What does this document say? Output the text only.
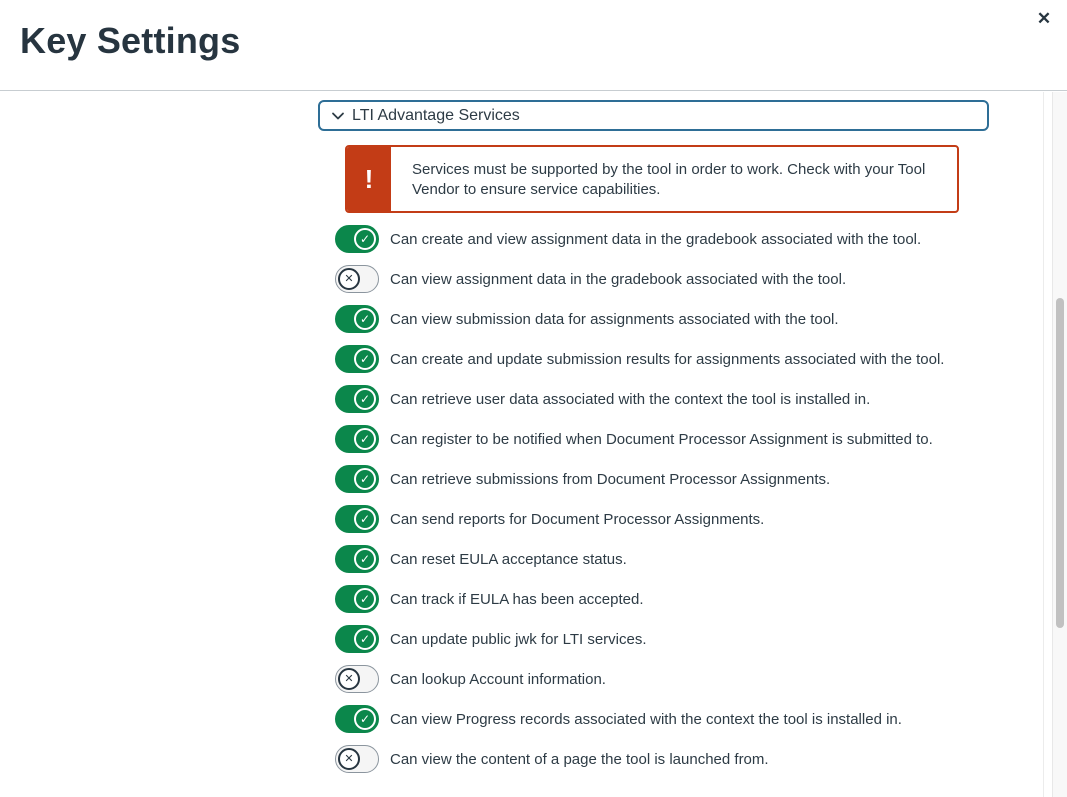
Key Settings
✕
LTI Advantage Services
!	Services must be supported by the tool in order to work. Check with your Tool Vendor to ensure service capabilities.
✓	Can create and view assignment data in the gradebook associated with the tool.
✕	Can view assignment data in the gradebook associated with the tool.
✓	Can view submission data for assignments associated with the tool.
✓	Can create and update submission results for assignments associated with the tool.
✓	Can retrieve user data associated with the context the tool is installed in.
✓	Can register to be notified when Document Processor Assignment is submitted to.
✓	Can retrieve submissions from Document Processor Assignments.
✓	Can send reports for Document Processor Assignments.
✓	Can reset EULA acceptance status.
✓	Can track if EULA has been accepted.
✓	Can update public jwk for LTI services.
✕	Can lookup Account information.
✓	Can view Progress records associated with the context the tool is installed in.
✕	Can view the content of a page the tool is launched from.
